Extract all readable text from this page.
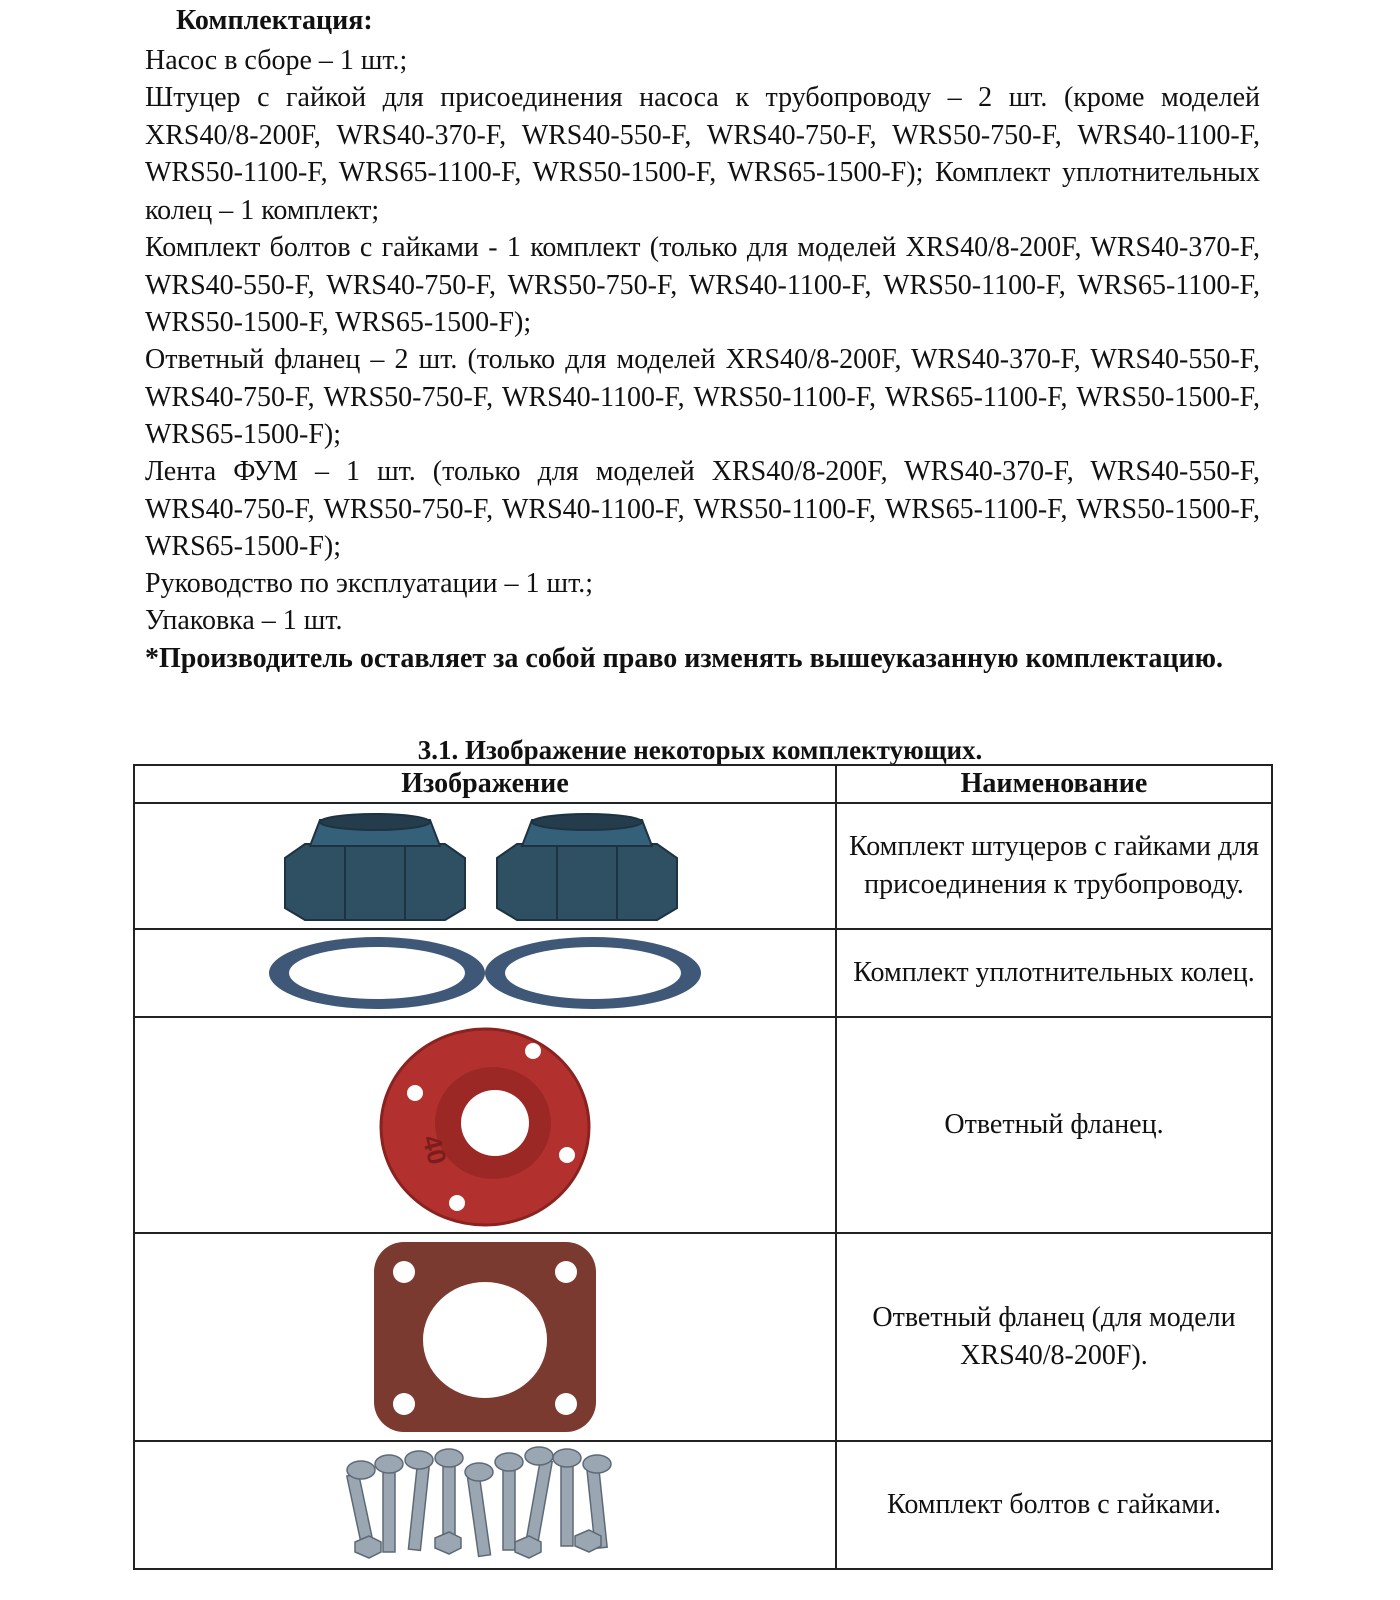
Комплектация:

Насос в сборе – 1 шт.;

Штуцер с гайкой для присоединения насоса к трубопроводу – 2 шт. (кроме моделей XRS40/8-200F, WRS40-370-F, WRS40-550-F, WRS40-750-F, WRS50-750-F, WRS40-1100-F, WRS50-1100-F, WRS65-1100-F, WRS50-1500-F, WRS65-1500-F); Комплект уплотнительных колец – 1 комплект;

Комплект болтов с гайками - 1 комплект (только для моделей XRS40/8-200F, WRS40-370-F, WRS40-550-F, WRS40-750-F, WRS50-750-F, WRS40-1100-F, WRS50-1100-F, WRS65-1100-F, WRS50-1500-F, WRS65-1500-F);

Ответный фланец – 2 шт. (только для моделей XRS40/8-200F, WRS40-370-F, WRS40-550-F, WRS40-750-F, WRS50-750-F, WRS40-1100-F, WRS50-1100-F, WRS65-1100-F, WRS50-1500-F, WRS65-1500-F);

Лента ФУМ – 1 шт. (только для моделей XRS40/8-200F, WRS40-370-F, WRS40-550-F, WRS40-750-F, WRS50-750-F, WRS40-1100-F, WRS50-1100-F, WRS65-1100-F, WRS50-1500-F, WRS65-1500-F);

Руководство по эксплуатации – 1 шт.;

Упаковка – 1 шт.

*Производитель оставляет за собой право изменять вышеуказанную комплектацию.

3.1. Изображение некоторых комплектующих.
Изображение	Наименование

	Комплект штуцеров с гайками для присоединения к трубопроводу.

	Комплект уплотнительных колец.

40	Ответный фланец.

	Ответный фланец (для модели XRS40/8-200F).

	Комплект болтов с гайками.
